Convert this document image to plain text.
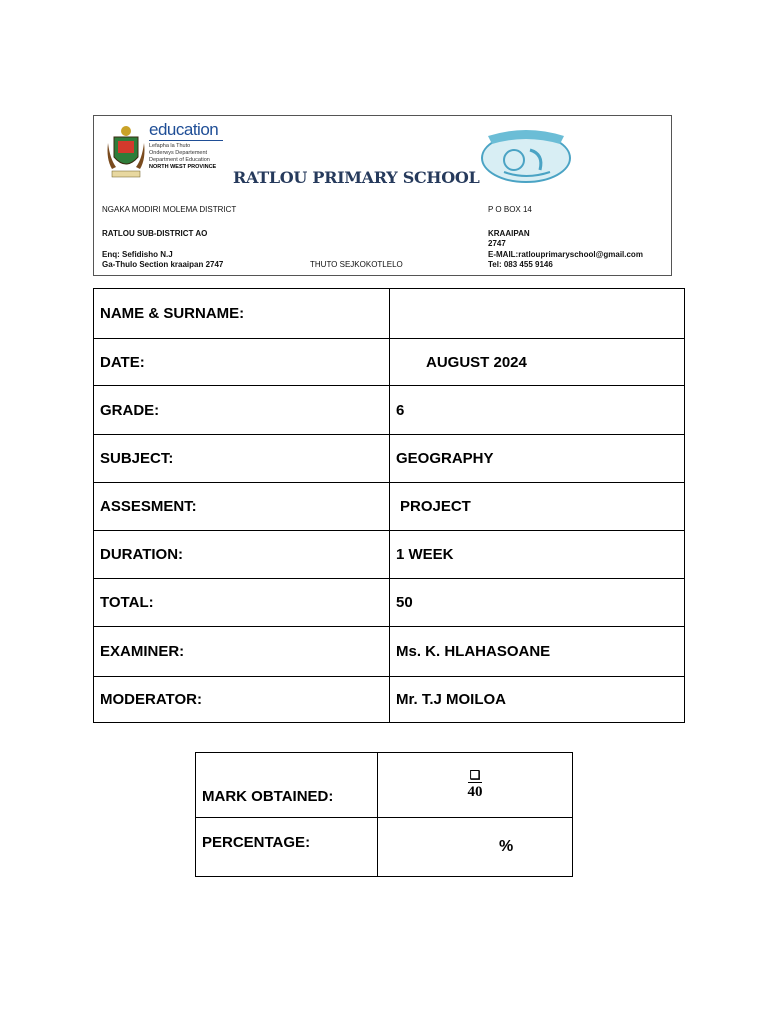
education
Lefapha la Thuto
Onderwys Departement
Department of Education
NORTH WEST PROVINCE
RATLOU PRIMARY SCHOOL
NGAKA MODIRI MOLEMA DISTRICT
RATLOU SUB-DISTRICT AO
Enq: Sefidisho N.J
Ga-Thulo Section kraaipan 2747	THUTO SEJKOKOTLELO
P O BOX 14
KRAAIPAN
2747
E-MAIL:ratlouprimaryschool@gmail.com
Tel: 083 455 9146
NAME & SURNAME:	
DATE:	AUGUST 2024
GRADE:	6
SUBJECT:	GEOGRAPHY
ASSESMENT:	PROJECT
DURATION:	1 WEEK
TOTAL:	50
EXAMINER:	Ms. K. HLAHASOANE
MODERATOR:	Mr. T.J MOILOA
MARK OBTAINED:	❑
40

PERCENTAGE:	%
